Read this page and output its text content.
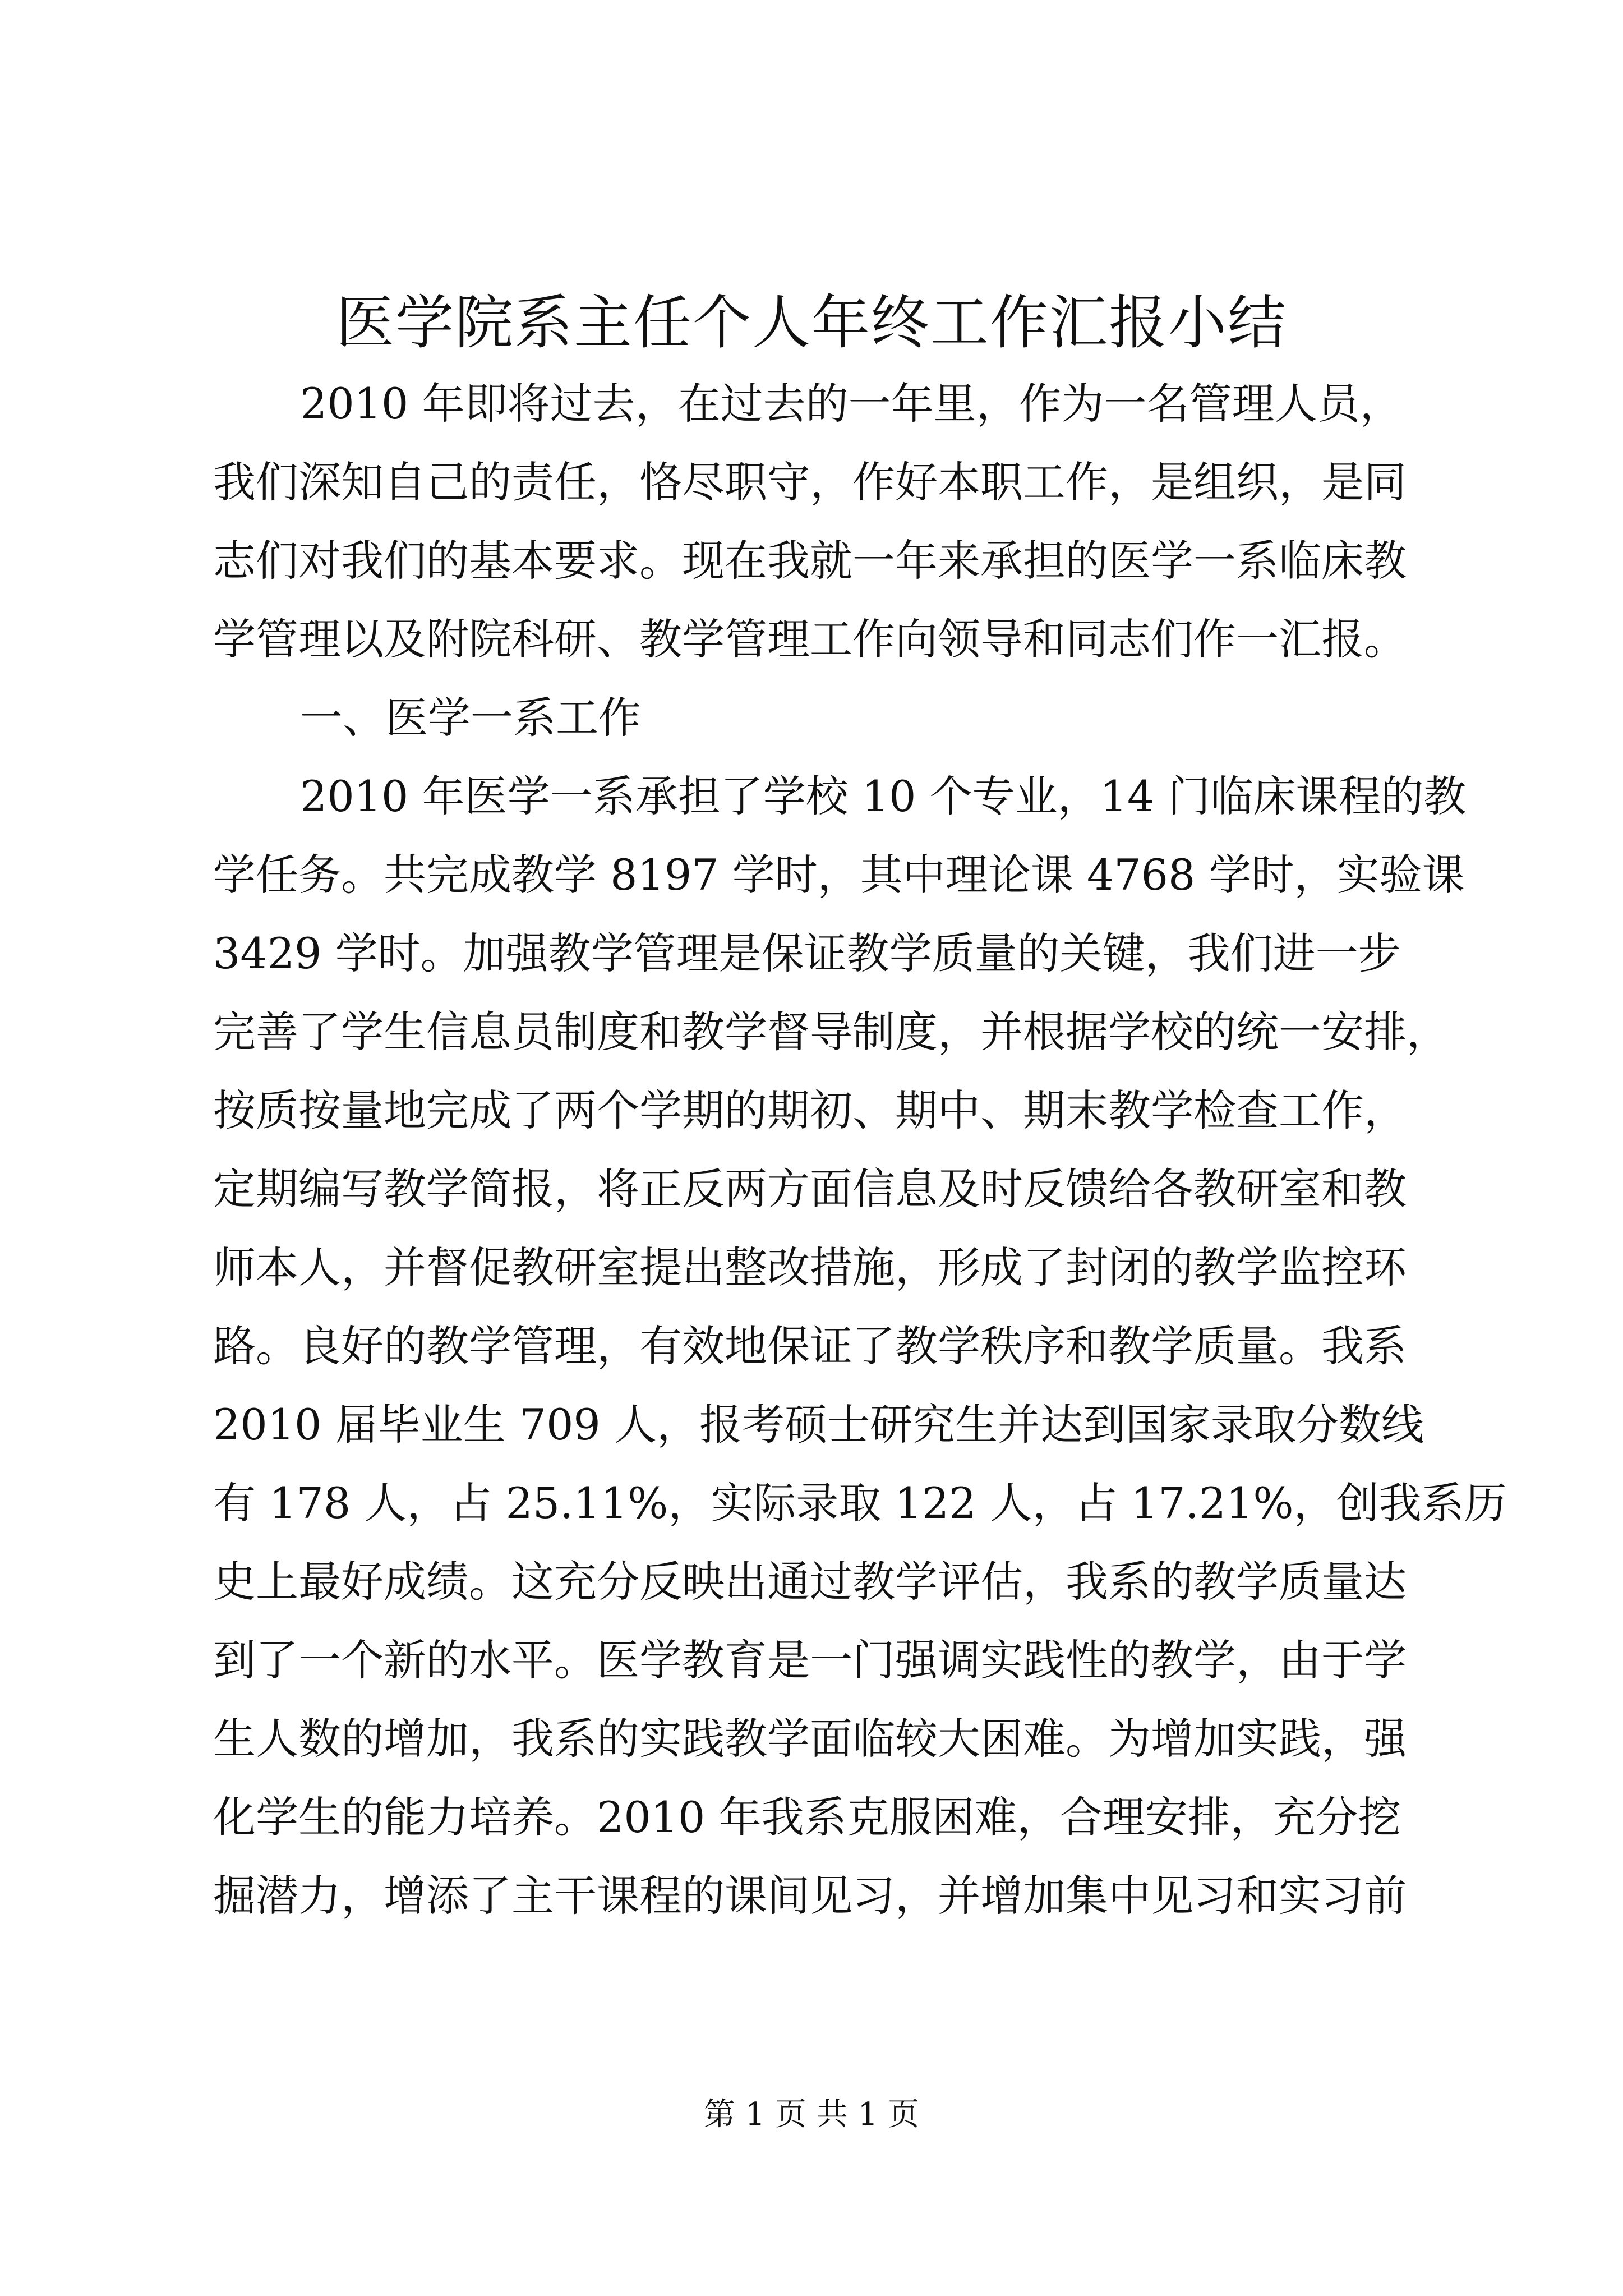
医学院系主任个人年终工作汇报小结

2010 年即将过去，在过去的一年里，作为一名管理人员，

我们深知自己的责任，恪尽职守，作好本职工作，是组织，是同

志们对我们的基本要求。现在我就一年来承担的医学一系临床教

学管理以及附院科研、教学管理工作向领导和同志们作一汇报。

一、医学一系工作

2010 年医学一系承担了学校 10 个专业，14 门临床课程的教

学任务。共完成教学 8197 学时，其中理论课 4768 学时，实验课

3429 学时。加强教学管理是保证教学质量的关键，我们进一步

完善了学生信息员制度和教学督导制度，并根据学校的统一安排，

按质按量地完成了两个学期的期初、期中、期末教学检查工作，

定期编写教学简报，将正反两方面信息及时反馈给各教研室和教

师本人，并督促教研室提出整改措施，形成了封闭的教学监控环

路。良好的教学管理，有效地保证了教学秩序和教学质量。我系

2010 届毕业生 709 人，报考硕士研究生并达到国家录取分数线

有 178 人，占 25.11%，实际录取 122 人，占 17.21%，创我系历

史上最好成绩。这充分反映出通过教学评估，我系的教学质量达

到了一个新的水平。医学教育是一门强调实践性的教学，由于学

生人数的增加，我系的实践教学面临较大困难。为增加实践，强

化学生的能力培养。2010 年我系克服困难，合理安排，充分挖

掘潜力，增添了主干课程的课间见习，并增加集中见习和实习前

第 1 页 共 1 页
